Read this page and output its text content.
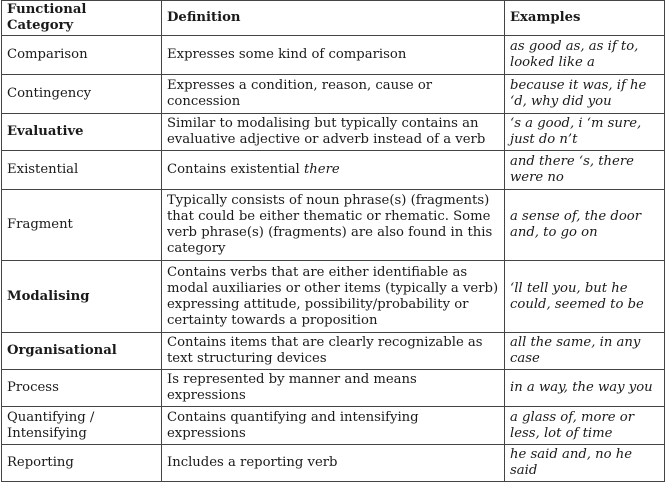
Functional Category	Definition	Examples
Comparison	Expresses some kind of comparison	as good as, as if to, looked like a
Contingency	Expresses a condition, reason, cause or concession	because it was, if he ‘d, why did you
Evaluative	Similar to modalising but typically contains an evaluative adjective or adverb instead of a verb	‘s a good, i ‘m sure, just do n’t
Existential	Contains existential there	and there ‘s, there were no
Fragment	Typically consists of noun phrase(s) (fragments) that could be either thematic or rhematic. Some verb phrase(s) (fragments) are also found in this category	a sense of, the door and, to go on
Modalising	Contains verbs that are either identifiable as modal auxiliaries or other items (typically a verb) expressing attitude, possibility/probability or certainty towards a proposition	‘ll tell you, but he could, seemed to be
Organisational	Contains items that are clearly recognizable as text structuring devices	all the same, in any case
Process	Is represented by manner and means expressions	in a way, the way you
Quantifying / Intensifying	Contains quantifying and intensifying expressions	a glass of, more or less, lot of time
Reporting	Includes a reporting verb	he said and, no he said
